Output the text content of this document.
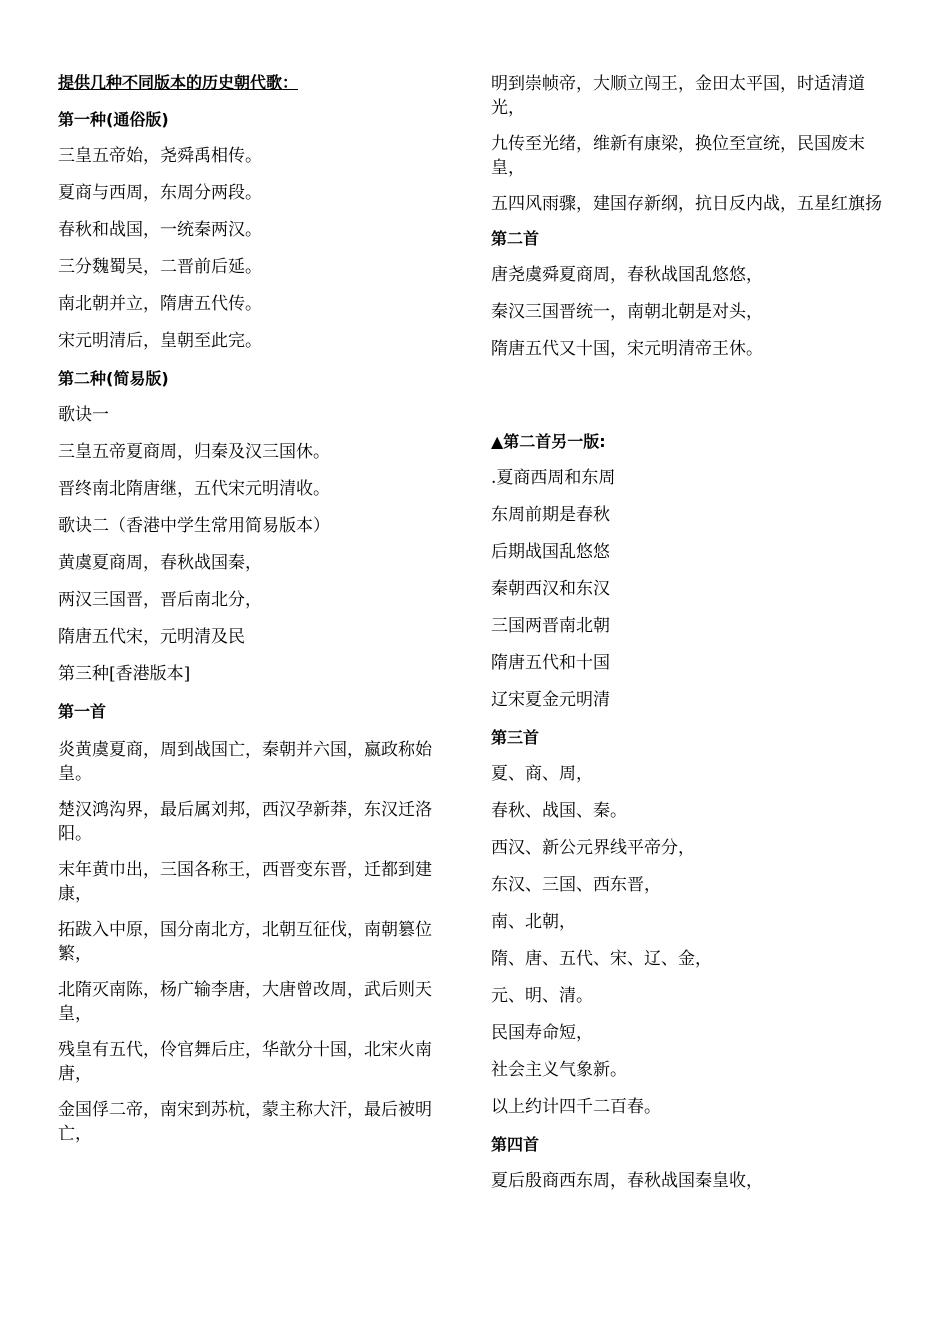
提供几种不同版本的历史朝代歌：

第一种(通俗版)

三皇五帝始，尧舜禹相传。

夏商与西周，东周分两段。

春秋和战国，一统秦两汉。

三分魏蜀吴，二晋前后延。

南北朝并立，隋唐五代传。

宋元明清后，皇朝至此完。

第二种(简易版)

歌诀一

三皇五帝夏商周，归秦及汉三国休。

晋终南北隋唐继，五代宋元明清收。

歌诀二（香港中学生常用简易版本）

黄虞夏商周，春秋战国秦，

两汉三国晋，晋后南北分，

隋唐五代宋，元明清及民

第三种[香港版本]

第一首

炎黄虞夏商，周到战国亡，秦朝并六国，嬴政称始皇。

楚汉鸿沟界，最后属刘邦，西汉孕新莽，东汉迁洛阳。

末年黄巾出，三国各称王，西晋变东晋，迁都到建康，

拓跋入中原，国分南北方，北朝互征伐，南朝篡位繁，

北隋灭南陈，杨广输李唐，大唐曾改周，武后则天皇，

残皇有五代，伶官舞后庄，华歆分十国，北宋火南唐，

金国俘二帝，南宋到苏杭，蒙主称大汗，最后被明亡，

明到崇帧帝，大顺立闯王，金田太平国，时适清道光，

九传至光绪，维新有康梁，换位至宣统，民国废末皇，

五四风雨骤，建国存新纲，抗日反内战，五星红旗扬

第二首

唐尧虞舜夏商周，春秋战国乱悠悠，

秦汉三国晋统一，南朝北朝是对头，

隋唐五代又十国，宋元明清帝王休。

▲第二首另一版:

.夏商西周和东周

东周前期是春秋

后期战国乱悠悠

秦朝西汉和东汉

三国两晋南北朝

隋唐五代和十国

辽宋夏金元明清

第三首

夏、商、周，

春秋、战国、秦。

西汉、新公元界线平帝分，

东汉、三国、西东晋，

南、北朝，

隋、唐、五代、宋、辽、金，

元、明、清。

民国寿命短，

社会主义气象新。

以上约计四千二百春。

第四首

夏后殷商西东周，春秋战国秦皇收，
